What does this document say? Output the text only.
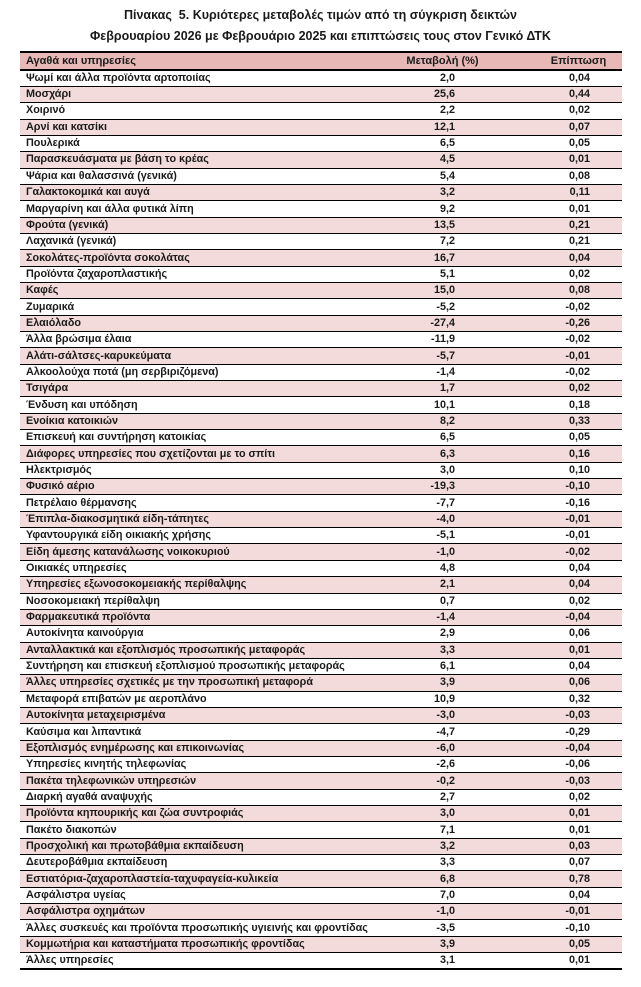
Πίνακας  5. Κυριότερες μεταβολές τιμών από τη σύγκριση δεικτών
Φεβρουαρίου 2026 με Φεβρουάριο 2025 και επιπτώσεις τους στον Γενικό ΔΤΚ
Αγαθά και υπηρεσίες	Μεταβολή (%)	Επίπτωση
Ψωμί και άλλα προϊόντα αρτοποιίας	2,0	0,04
Μοσχάρι	25,6	0,44
Χοιρινό	2,2	0,02
Αρνί και κατσίκι	12,1	0,07
Πουλερικά	6,5	0,05
Παρασκευάσματα με βάση το κρέας	4,5	0,01
Ψάρια και θαλασσινά (γενικά)	5,4	0,08
Γαλακτοκομικά και αυγά	3,2	0,11
Μαργαρίνη και άλλα φυτικά λίπη	9,2	0,01
Φρούτα (γενικά)	13,5	0,21
Λαχανικά (γενικά)	7,2	0,21
Σοκολάτες-προϊόντα σοκολάτας	16,7	0,04
Προϊόντα ζαχαροπλαστικής	5,1	0,02
Καφές	15,0	0,08
Ζυμαρικά	-5,2	-0,02
Ελαιόλαδο	-27,4	-0,26
Άλλα βρώσιμα έλαια	-11,9	-0,02
Αλάτι-σάλτσες-καρυκεύματα	-5,7	-0,01
Αλκοολούχα ποτά (μη σερβιριζόμενα)	-1,4	-0,02
Τσιγάρα	1,7	0,02
Ένδυση και υπόδηση	10,1	0,18
Ενοίκια κατοικιών	8,2	0,33
Επισκευή και συντήρηση κατοικίας	6,5	0,05
Διάφορες υπηρεσίες που σχετίζονται με το σπίτι	6,3	0,16
Ηλεκτρισμός	3,0	0,10
Φυσικό αέριο	-19,3	-0,10
Πετρέλαιο θέρμανσης	-7,7	-0,16
Έπιπλα-διακοσμητικά είδη-τάπητες	-4,0	-0,01
Υφαντουργικά είδη οικιακής χρήσης	-5,1	-0,01
Είδη άμεσης κατανάλωσης νοικοκυριού	-1,0	-0,02
Οικιακές υπηρεσίες	4,8	0,04
Υπηρεσίες εξωνοσοκομειακής περίθαλψης	2,1	0,04
Νοσοκομειακή περίθαλψη	0,7	0,02
Φαρμακευτικά προϊόντα	-1,4	-0,04
Αυτοκίνητα καινούργια	2,9	0,06
Ανταλλακτικά και εξοπλισμός προσωπικής μεταφοράς	3,3	0,01
Συντήρηση και επισκευή εξοπλισμού προσωπικής μεταφοράς	6,1	0,04
Άλλες υπηρεσίες σχετικές με την προσωπική μεταφορά	3,9	0,06
Μεταφορά επιβατών με αεροπλάνο	10,9	0,32
Αυτοκίνητα μεταχειρισμένα	-3,0	-0,03
Καύσιμα και λιπαντικά	-4,7	-0,29
Εξοπλισμός ενημέρωσης και επικοινωνίας	-6,0	-0,04
Υπηρεσίες κινητής τηλεφωνίας	-2,6	-0,06
Πακέτα τηλεφωνικών υπηρεσιών	-0,2	-0,03
Διαρκή αγαθά αναψυχής	2,7	0,02
Προϊόντα κηπουρικής και ζώα συντροφιάς	3,0	0,01
Πακέτο διακοπών	7,1	0,01
Προσχολική και πρωτοβάθμια εκπαίδευση	3,2	0,03
Δευτεροβάθμια εκπαίδευση	3,3	0,07
Εστιατόρια-ζαχαροπλαστεία-ταχυφαγεία-κυλικεία	6,8	0,78
Ασφάλιστρα υγείας	7,0	0,04
Ασφάλιστρα οχημάτων	-1,0	-0,01
Άλλες συσκευές και προϊόντα προσωπικής υγιεινής και φροντίδας	-3,5	-0,10
Κομμωτήρια και καταστήματα προσωπικής φροντίδας	3,9	0,05
Άλλες υπηρεσίες	3,1	0,01
